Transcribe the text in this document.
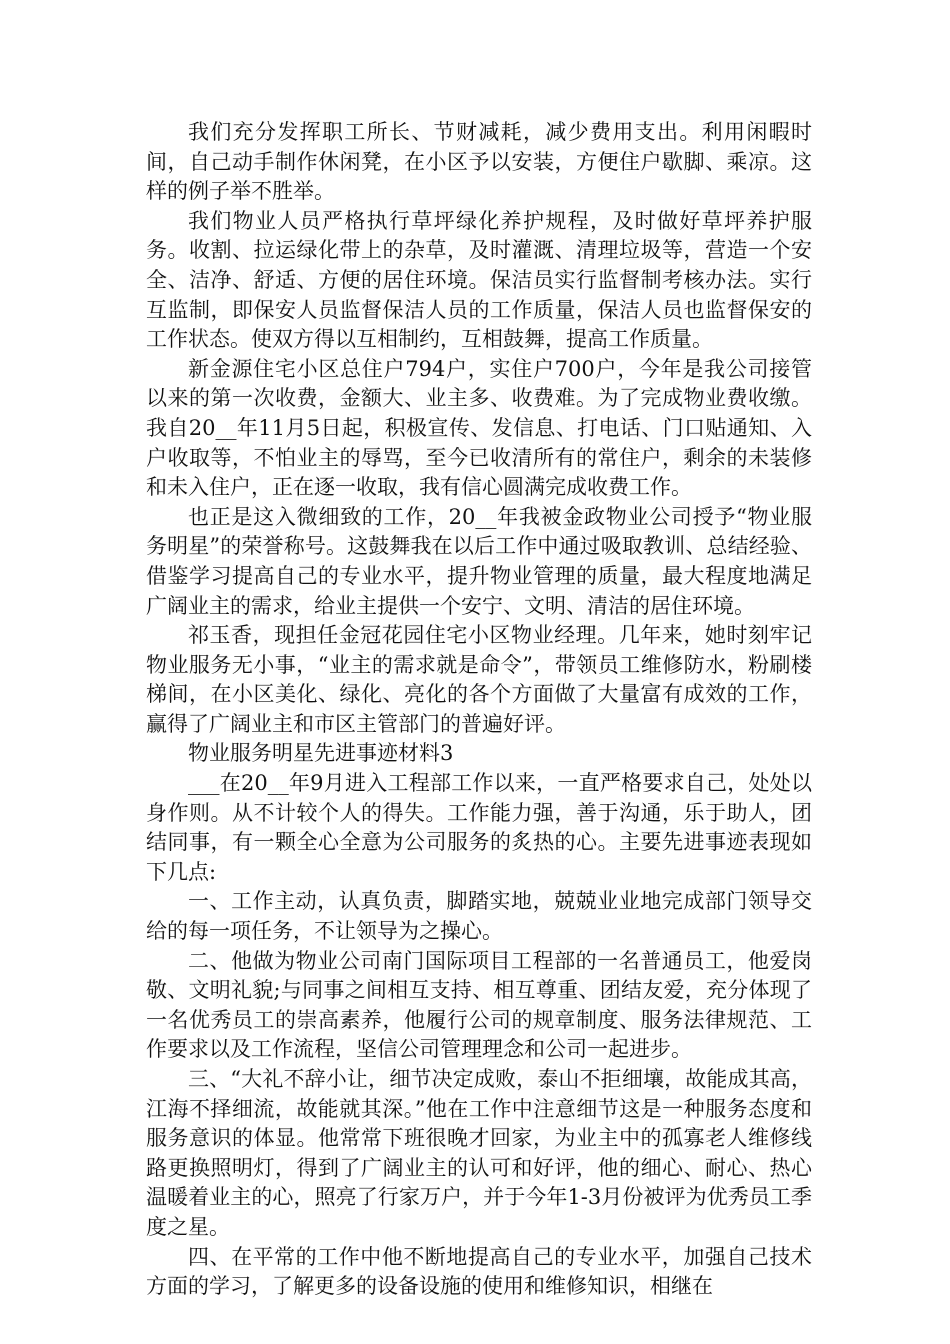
我们充分发挥职工所长、节财减耗，减少费用支出。利用闲暇时间，自己动手制作休闲凳，在小区予以安装，方便住户歇脚、乘凉。这样的例子举不胜举。

我们物业人员严格执行草坪绿化养护规程，及时做好草坪养护服务。收割、拉运绿化带上的杂草，及时灌溉、清理垃圾等，营造一个安全、洁净、舒适、方便的居住环境。保洁员实行监督制考核办法。实行互监制，即保安人员监督保洁人员的工作质量，保洁人员也监督保安的工作状态。使双方得以互相制约，互相鼓舞，提高工作质量。

新金源住宅小区总住户794户，实住户700户，今年是我公司接管以来的第一次收费，金额大、业主多、收费难。为了完成物业费收缴。我自20__年11月5日起，积极宣传、发信息、打电话、门口贴通知、入户收取等，不怕业主的辱骂，至今已收清所有的常住户，剩余的未装修和未入住户，正在逐一收取，我有信心圆满完成收费工作。

也正是这入微细致的工作，20__年我被金政物业公司授予“物业服务明星”的荣誉称号。这鼓舞我在以后工作中通过吸取教训、总结经验、借鉴学习提高自己的专业水平，提升物业管理的质量，最大程度地满足广阔业主的需求，给业主提供一个安宁、文明、清洁的居住环境。

祁玉香，现担任金冠花园住宅小区物业经理。几年来，她时刻牢记物业服务无小事，“业主的需求就是命令”，带领员工维修防水，粉刷楼梯间，在小区美化、绿化、亮化的各个方面做了大量富有成效的工作，赢得了广阔业主和市区主管部门的普遍好评。

物业服务明星先进事迹材料3

___在20__年9月进入工程部工作以来，一直严格要求自己，处处以身作则。从不计较个人的得失。工作能力强，善于沟通，乐于助人，团结同事，有一颗全心全意为公司服务的炙热的心。主要先进事迹表现如下几点:

一、工作主动，认真负责，脚踏实地，兢兢业业地完成部门领导交给的每一项任务，不让领导为之操心。

二、他做为物业公司南门国际项目工程部的一名普通员工，他爱岗敬、文明礼貌;与同事之间相互支持、相互尊重、团结友爱，充分体现了一名优秀员工的崇高素养，他履行公司的规章制度、服务法律规范、工作要求以及工作流程，坚信公司管理理念和公司一起进步。

三、“大礼不辞小让，细节决定成败，泰山不拒细壤，故能成其高，江海不择细流，故能就其深。”他在工作中注意细节这是一种服务态度和服务意识的体显。他常常下班很晚才回家，为业主中的孤寡老人维修线路更换照明灯，得到了广阔业主的认可和好评，他的细心、耐心、热心温暖着业主的心，照亮了行家万户，并于今年1-3月份被评为优秀员工季度之星。

四、在平常的工作中他不断地提高自己的专业水平，加强自己技术方面的学习，了解更多的设备设施的使用和维修知识，相继在
